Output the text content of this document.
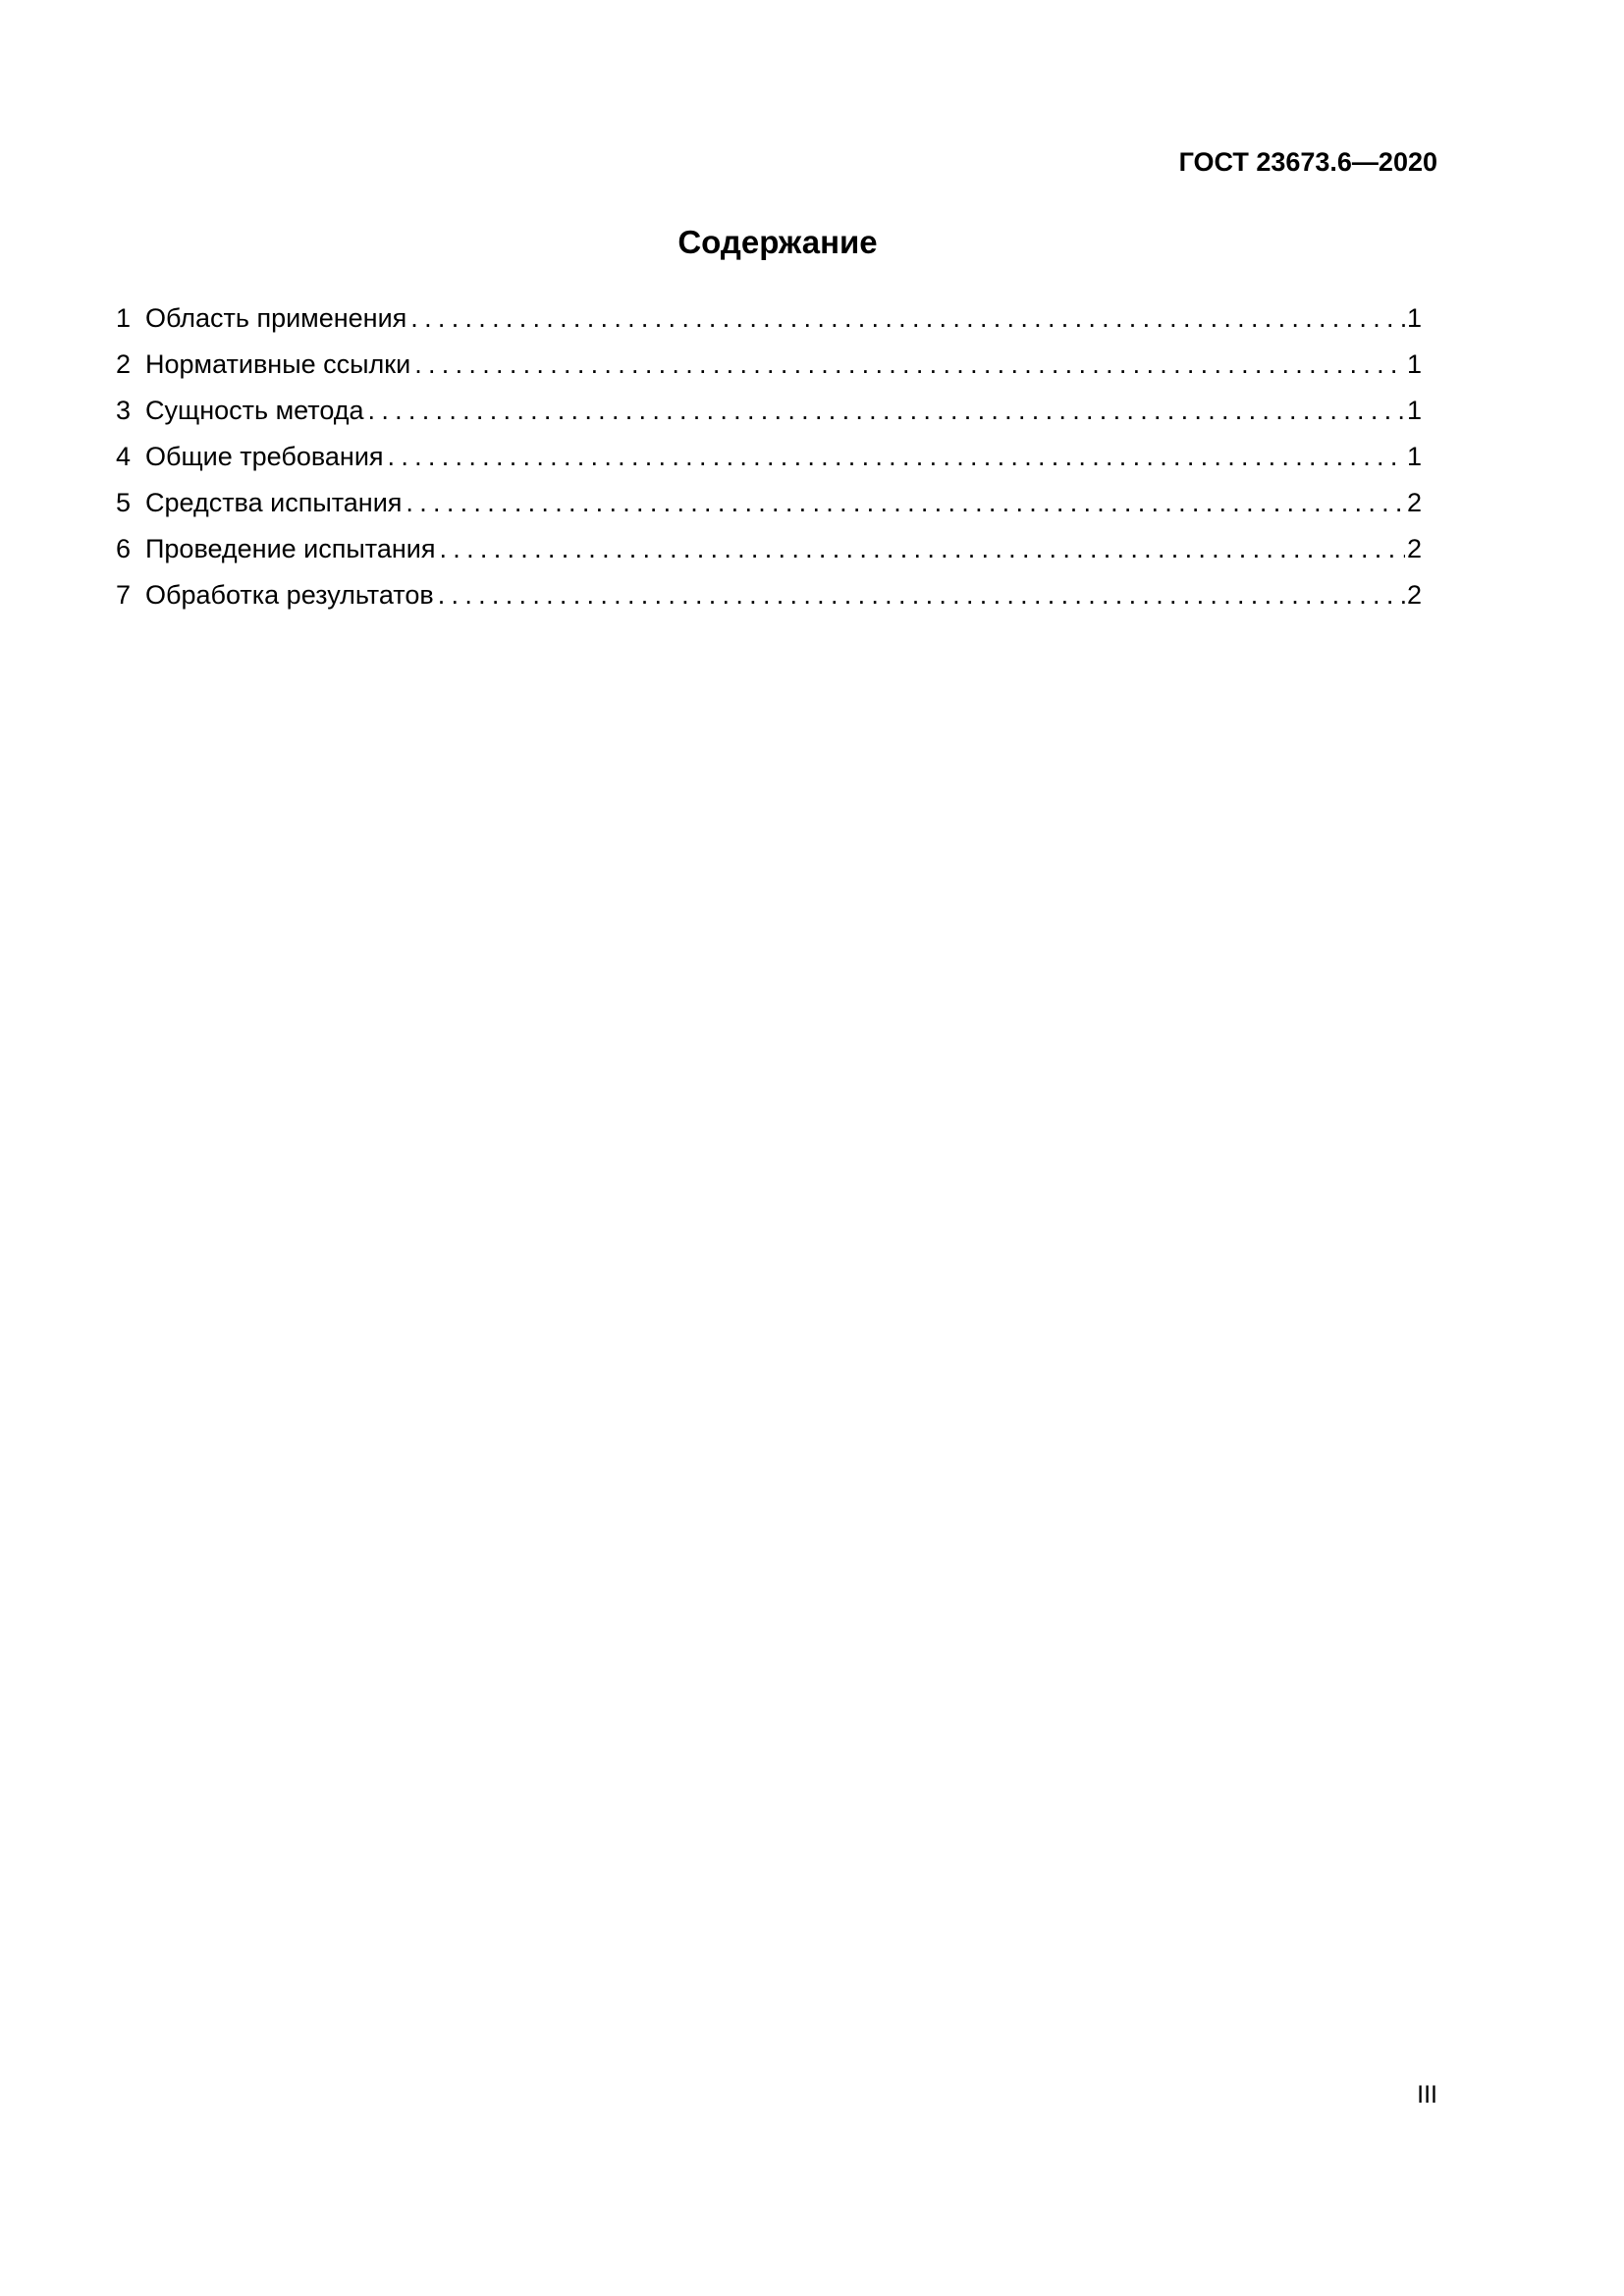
ГОСТ 23673.6—2020
Содержание
1 Область применения .....	1
2 Нормативные ссылки .....	1
3 Сущность метода .....	1
4 Общие требования .....	1
5 Средства испытания .....	2
6 Проведение испытания .....	2
7 Обработка результатов .....	2
III
